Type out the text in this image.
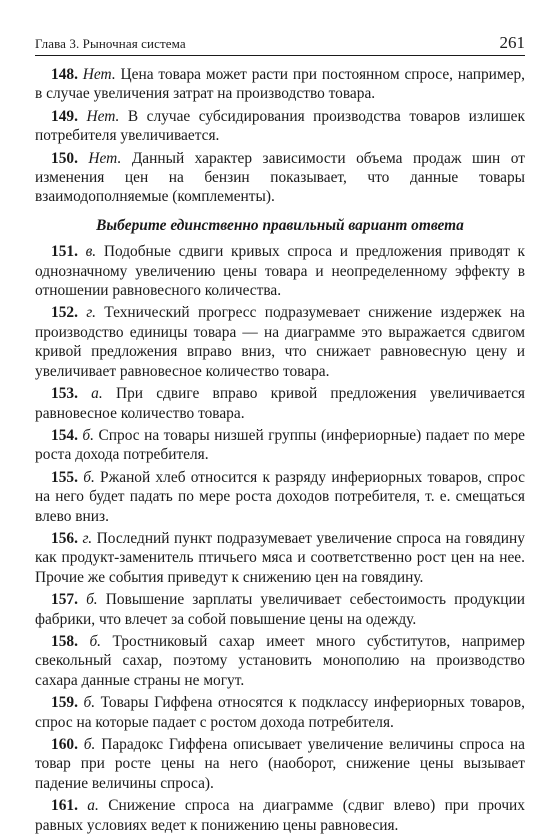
Глава 3. Рыночная система	261

148. Нет. Цена товара может расти при постоянном спросе, например, в случае увеличения затрат на производство товара.

149. Нет. В случае субсидирования производства товаров излишек потребителя увеличивается.

150. Нет. Данный характер зависимости объема продаж шин от изменения цен на бензин показывает, что данные товары взаимодополняемые (комплементы).

Выберите единственно правильный вариант ответа

151. в. Подобные сдвиги кривых спроса и предложения приводят к однозначному увеличению цены товара и неопределенному эффекту в отношении равновесного количества.

152. г. Технический прогресс подразумевает снижение издержек на производство единицы товара — на диаграмме это выражается сдвигом кривой предложения вправо вниз, что снижает равновесную цену и увеличивает равновесное количество товара.

153. а. При сдвиге вправо кривой предложения увеличивается равновесное количество товара.

154. б. Спрос на товары низшей группы (инфериорные) падает по мере роста дохода потребителя.

155. б. Ржаной хлеб относится к разряду инфериорных товаров, спрос на него будет падать по мере роста доходов потребителя, т. е. смещаться влево вниз.

156. г. Последний пункт подразумевает увеличение спроса на говядину как продукт-заменитель птичьего мяса и соответственно рост цен на нее. Прочие же события приведут к снижению цен на говядину.

157. б. Повышение зарплаты увеличивает себестоимость продукции фабрики, что влечет за собой повышение цены на одежду.

158. б. Тростниковый сахар имеет много субститутов, например свекольный сахар, поэтому установить монополию на производство сахара данные страны не могут.

159. б. Товары Гиффена относятся к подклассу инфериорных товаров, спрос на которые падает с ростом дохода потребителя.

160. б. Парадокс Гиффена описывает увеличение величины спроса на товар при росте цены на него (наоборот, снижение цены вызывает падение величины спроса).

161. а. Снижение спроса на диаграмме (сдвиг влево) при прочих равных условиях ведет к понижению цены равновесия.
